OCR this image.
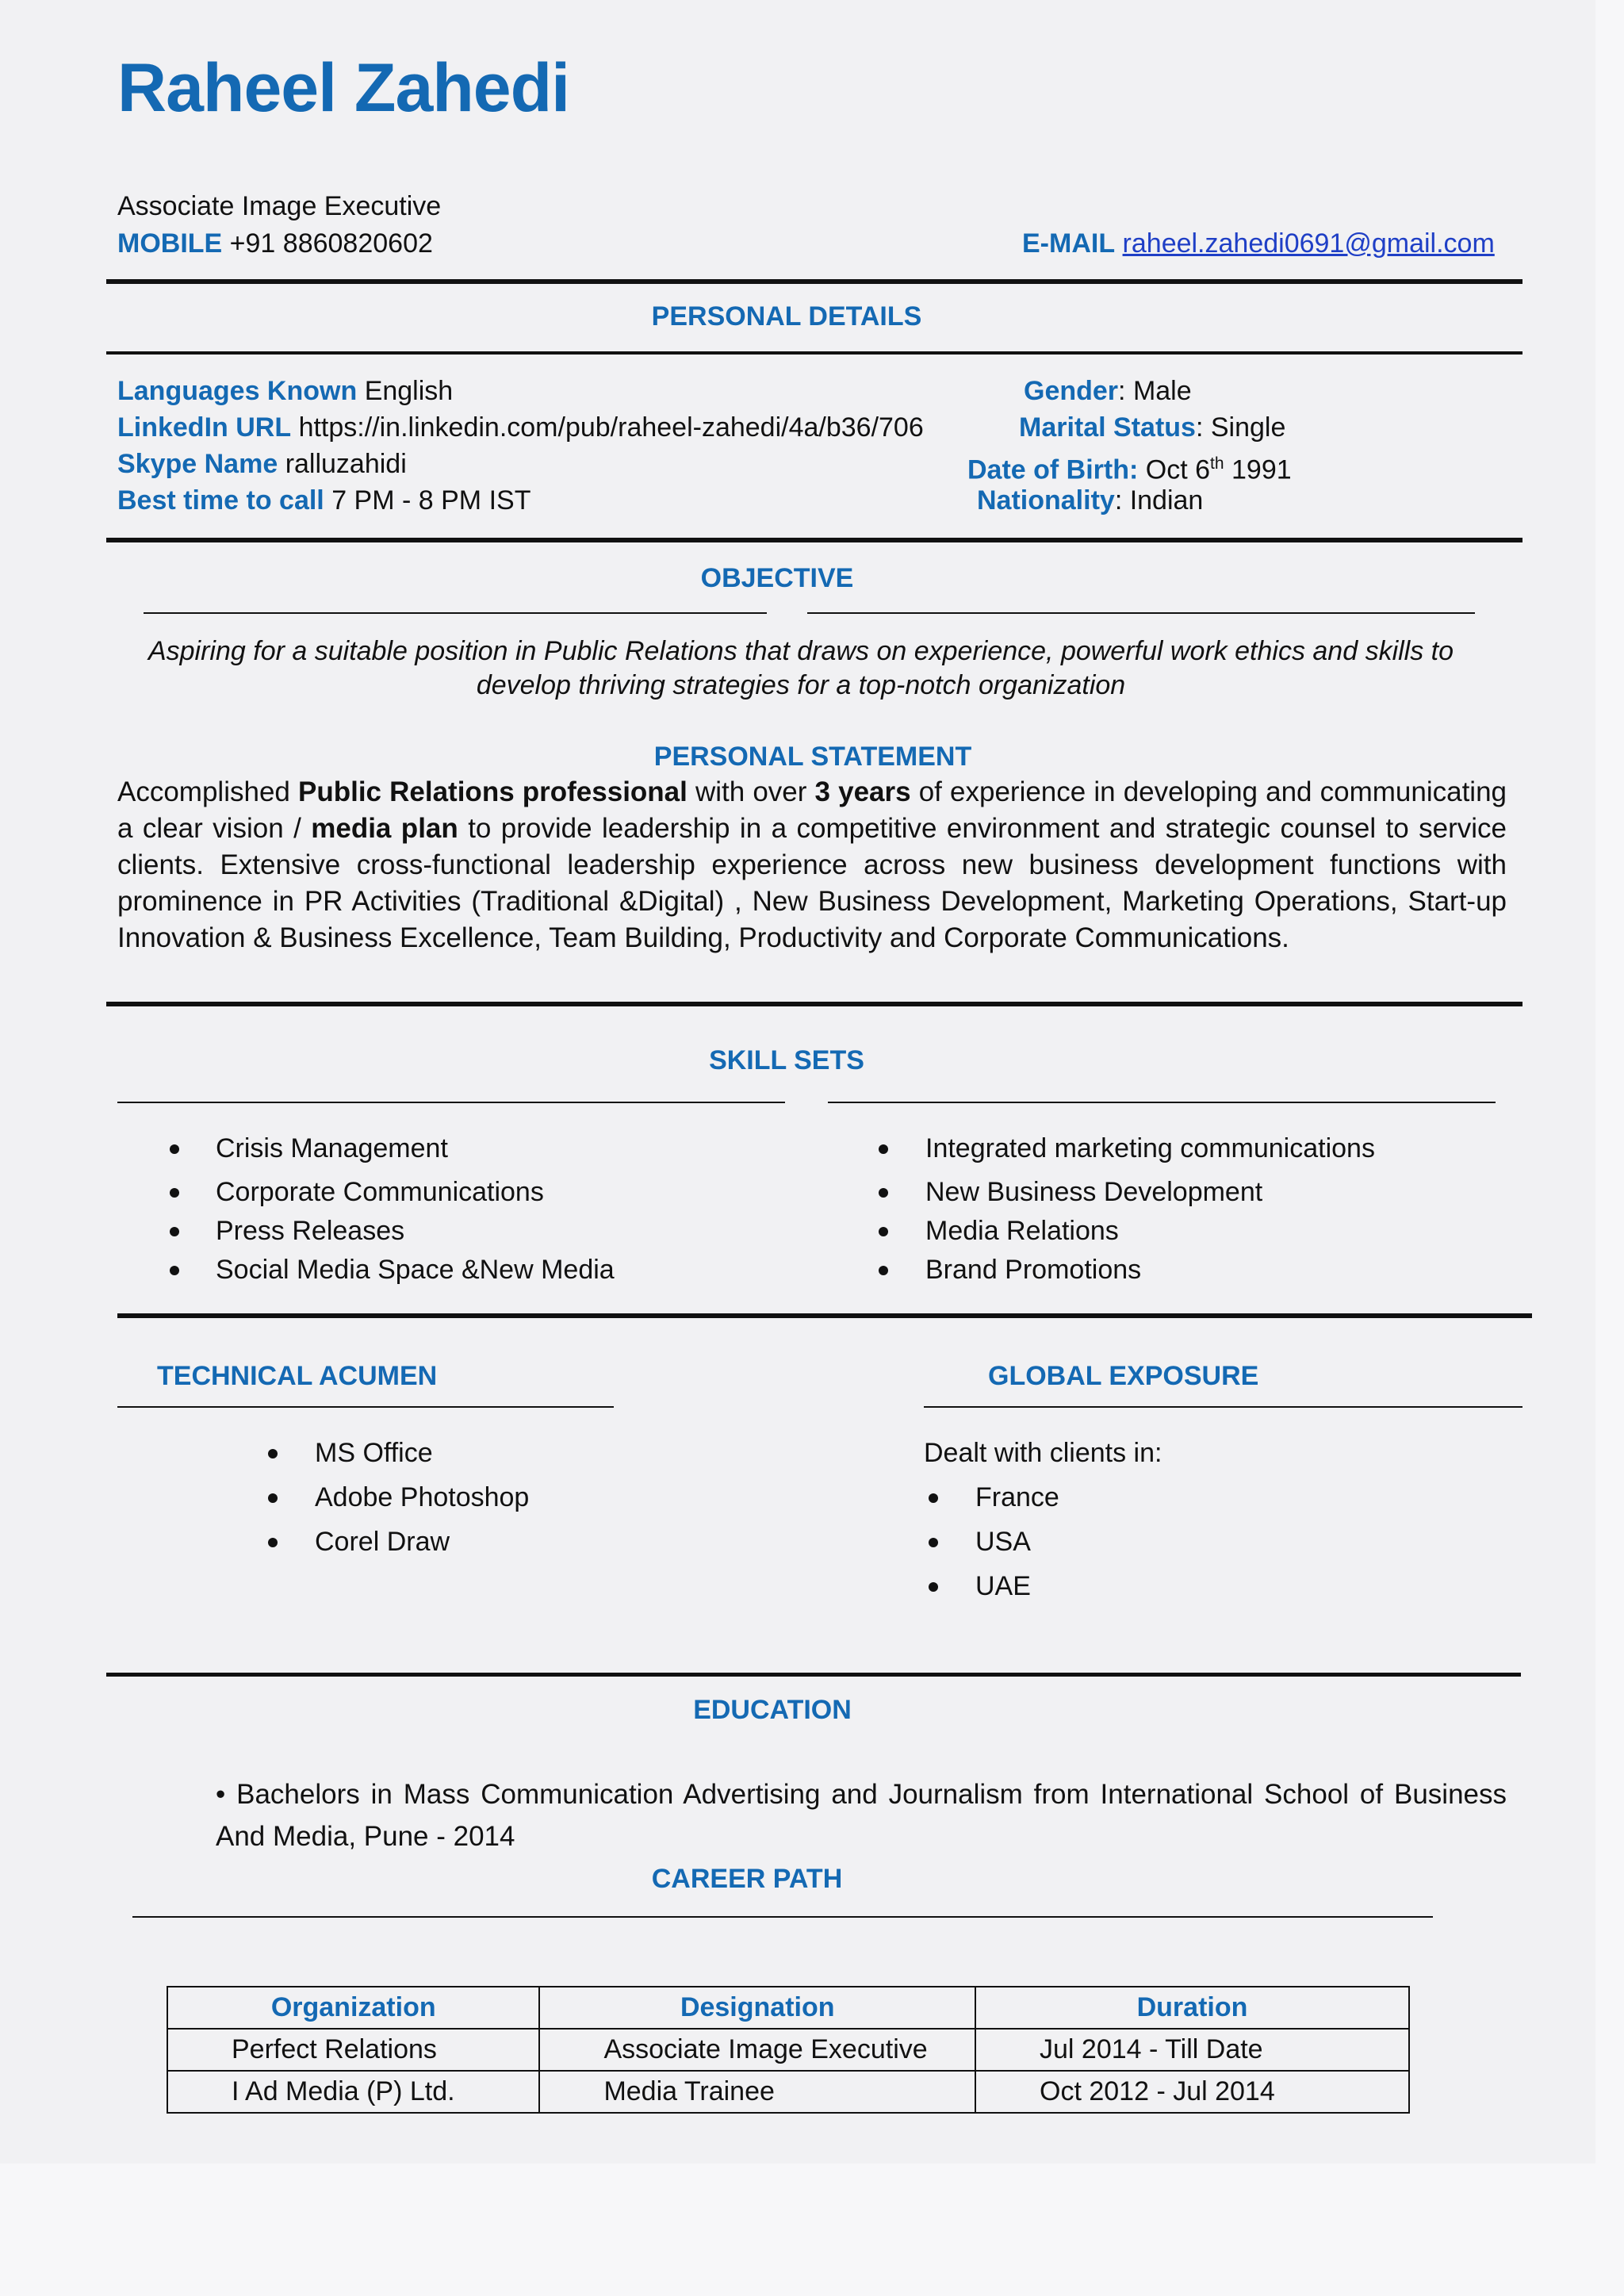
Raheel Zahedi
Associate Image Executive
MOBILE +91 8860820602	E-MAIL raheel.zahedi0691@gmail.com
PERSONAL DETAILS
Languages Known English
LinkedIn URL https://in.linkedin.com/pub/raheel-zahedi/4a/b36/706
Skype Name ralluzahidi
Best time to call 7 PM - 8 PM IST
Gender: Male
Marital Status: Single
Date of Birth: Oct 6th 1991
Nationality: Indian
OBJECTIVE
Aspiring for a suitable position in Public Relations that draws on experience, powerful work ethics and skills to
develop thriving strategies for a top-notch organization
PERSONAL STATEMENT
Accomplished Public Relations professional with over 3 years of experience in developing and communicating a clear vision / media plan to provide leadership in a competitive environment and strategic counsel to service clients. Extensive cross-functional leadership experience across new business development functions with prominence in PR Activities (Traditional &Digital) , New Business Development, Marketing Operations, Start-up Innovation & Business Excellence, Team Building, Productivity and Corporate Communications.
SKILL SETS
Crisis Management
Corporate Communications
Press Releases
Social Media Space &New Media
Integrated marketing communications
New Business Development
Media Relations
Brand Promotions
TECHNICAL ACUMEN	GLOBAL EXPOSURE
MS Office
Adobe Photoshop
Corel Draw
Dealt with clients in:
France
USA
UAE
EDUCATION
• Bachelors in Mass Communication Advertising and Journalism from International School of Business And Media, Pune - 2014
CAREER PATH
Organization	Designation	Duration
Perfect Relations	Associate Image Executive	Jul 2014 - Till Date
I Ad Media (P) Ltd.	Media Trainee	Oct 2012 - Jul 2014
